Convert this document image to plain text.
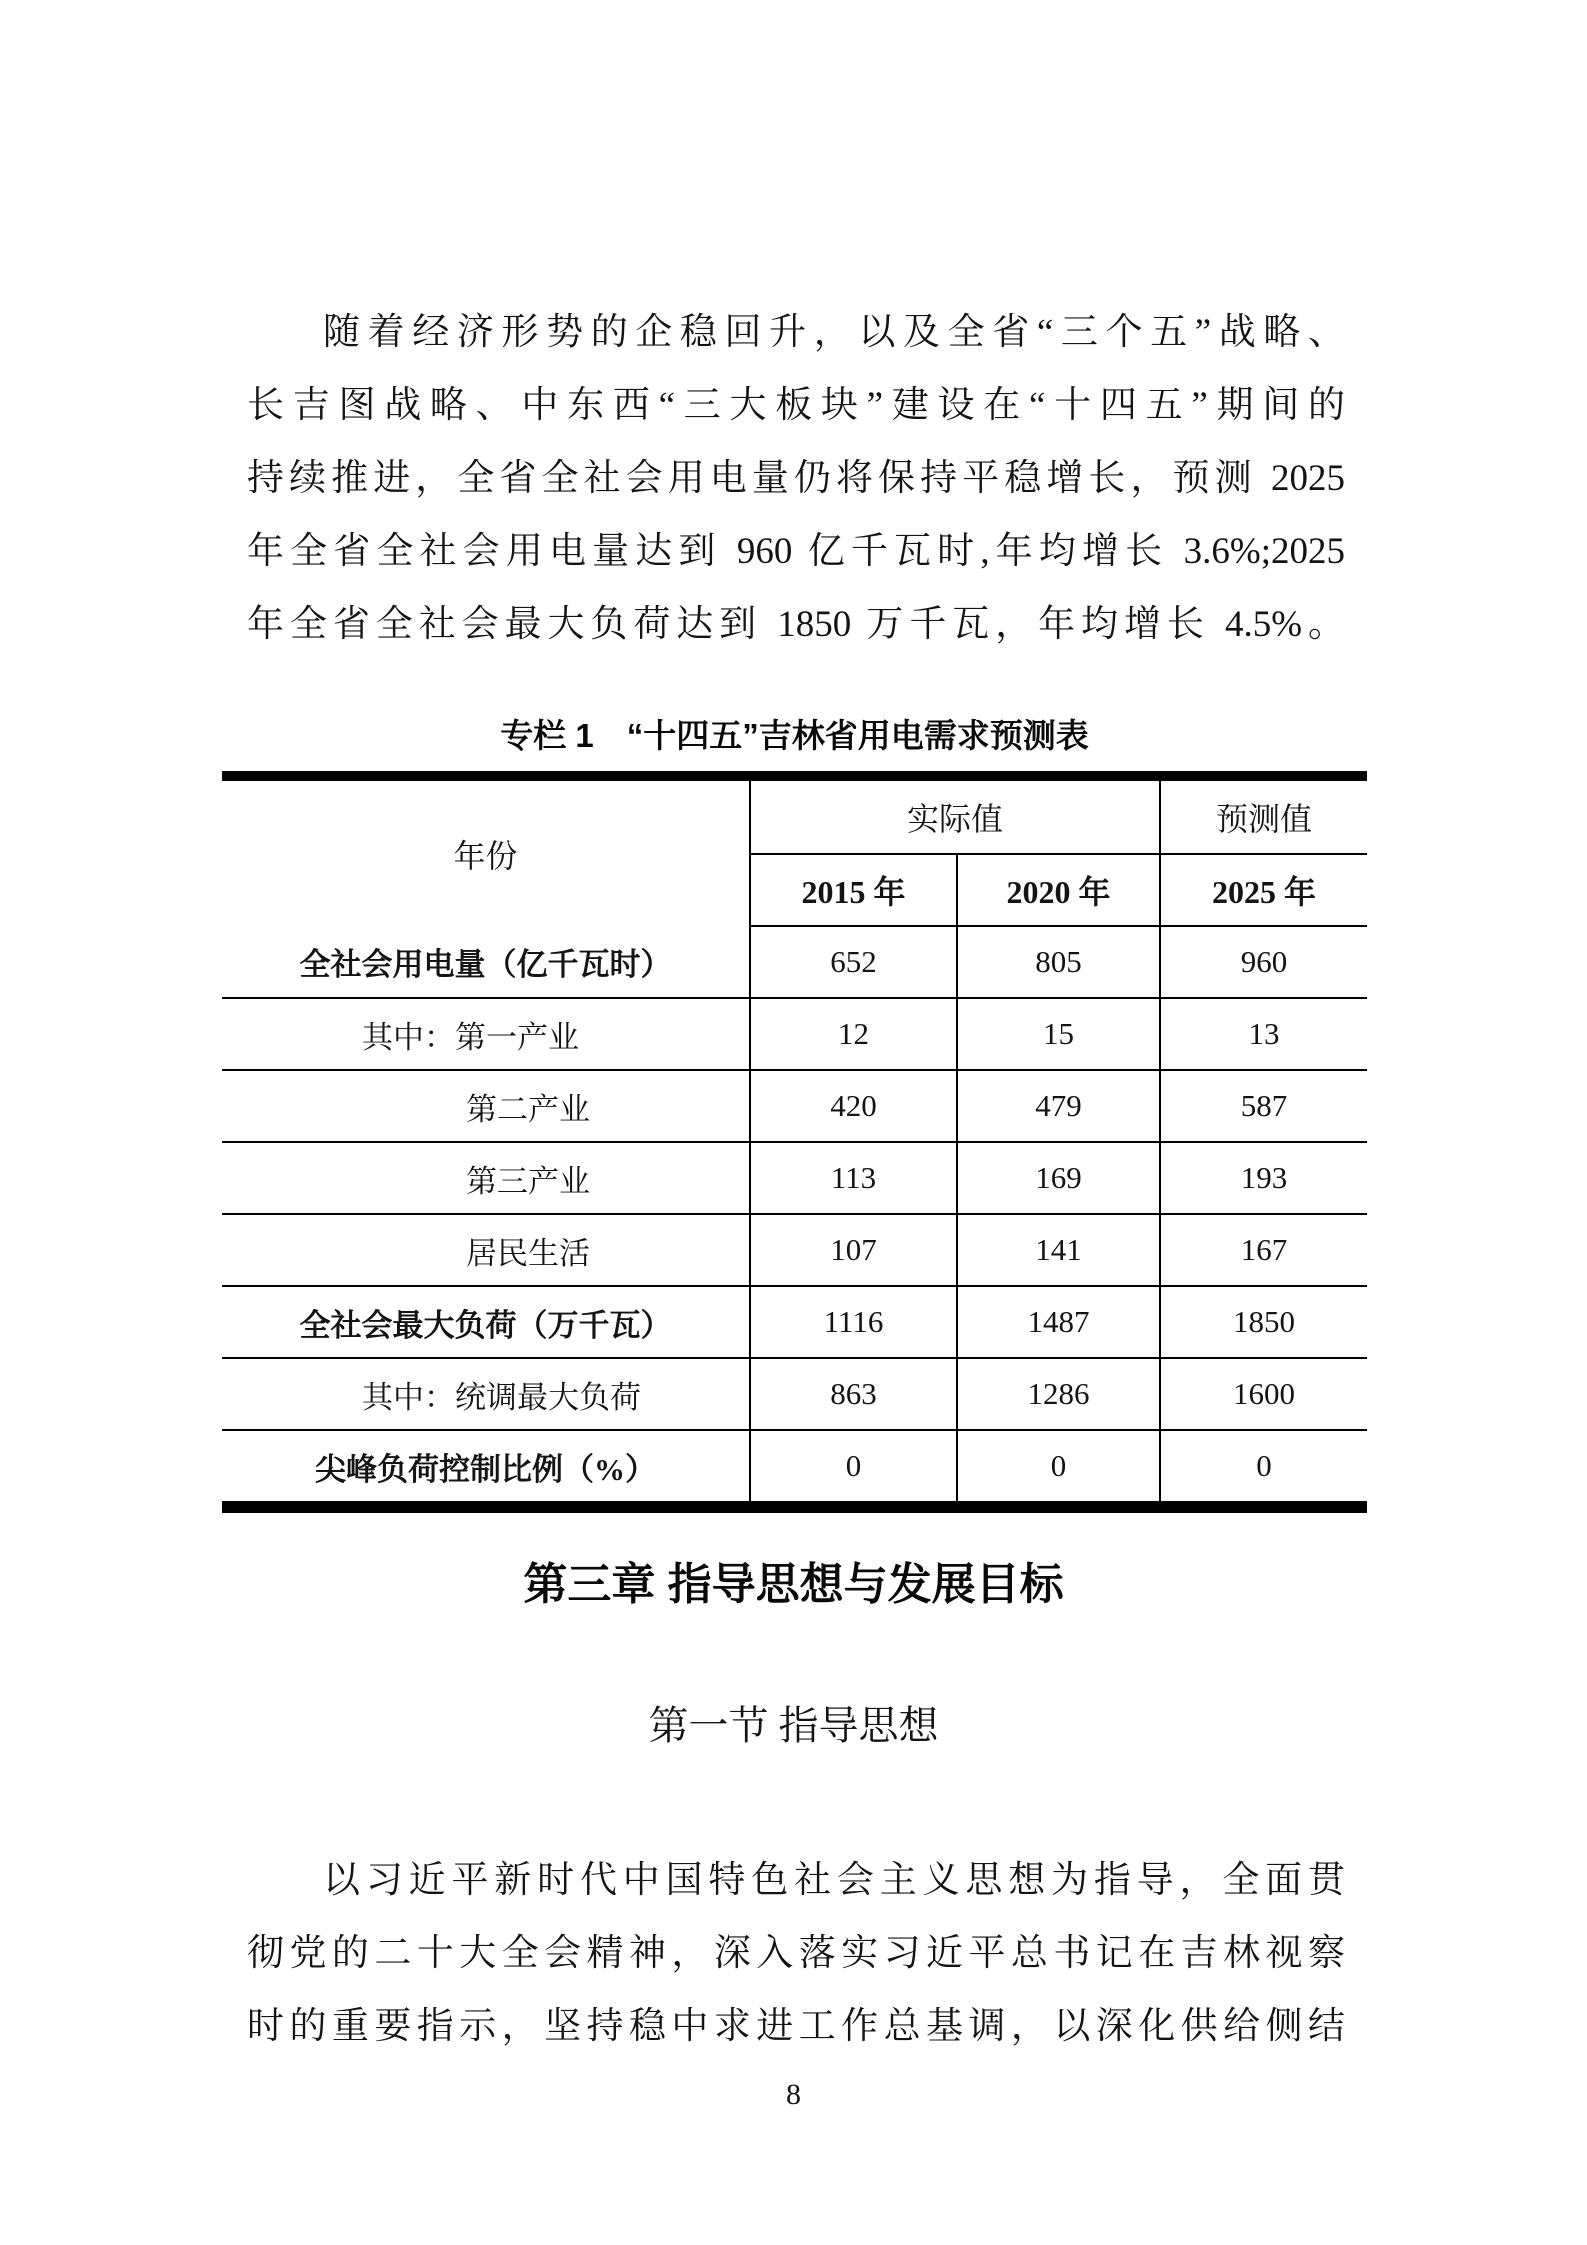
随着经济形势的企稳回升，以及全省“三个五”战略、
长吉图战略、中东西“三大板块”建设在“十四五”期间的
持续推进，全省全社会用电量仍将保持平稳增长，预测 2025
年全省全社会用电量达到 960 亿千瓦时,年均增长 3.6%;2025
年全省全社会最大负荷达到 1850 万千瓦，年均增长 4.5%。
专栏 1　“十四五”吉林省用电需求预测表
年份	实际值		预测值
	2015 年	2020 年	2025 年
全社会用电量（亿千瓦时）	652	805	960
其中：第一产业	12	15	13
第二产业	420	479	587
第三产业	113	169	193
居民生活	107	141	167
全社会最大负荷（万千瓦）	1116	1487	1850
其中：统调最大负荷	863	1286	1600
尖峰负荷控制比例（%）	0	0	0
第三章 指导思想与发展目标
第一节 指导思想
以习近平新时代中国特色社会主义思想为指导，全面贯
彻党的二十大全会精神，深入落实习近平总书记在吉林视察
时的重要指示，坚持稳中求进工作总基调，以深化供给侧结
8
